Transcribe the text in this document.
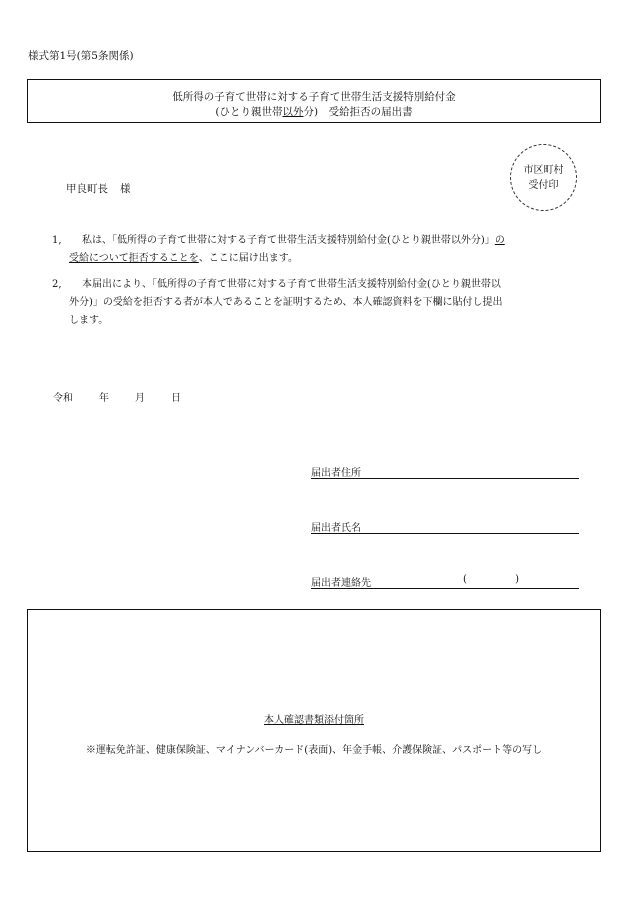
様式第1号(第5条関係)
低所得の子育て世帯に対する子育て世帯生活支援特別給付金
(ひとり親世帯以外分)　受給拒否の届出書
甲良町長 様
市区町村
受付印
1,	私は、「低所得の子育て世帯に対する子育て世帯生活支援特別給付金(ひとり親世帯以外分)」の
受給について拒否することを、ここに届け出ます。
2,	本届出により、「低所得の子育て世帯に対する子育て世帯生活支援特別給付金(ひとり親世帯以
外分)」の受給を拒否する者が本人であることを証明するため、本人確認資料を下欄に貼付し提出
します。
令和	年	月	日
届出者住所
届出者氏名
届出者連絡先	(	)
本人確認書類添付箇所
※運転免許証、健康保険証、マイナンバーカード(表面)、年金手帳、介護保険証、パスポート等の写し
